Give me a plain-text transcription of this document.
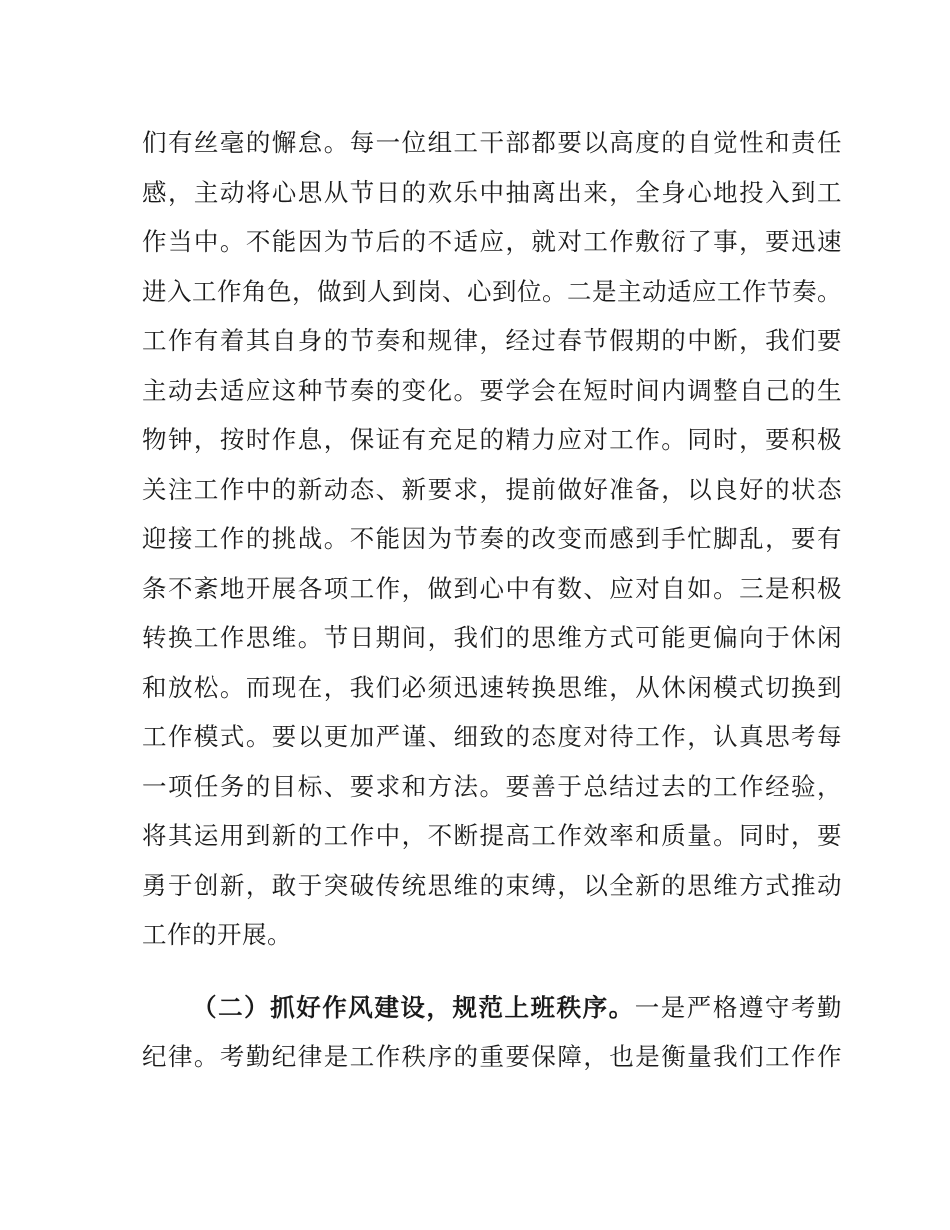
们有丝毫的懈怠。每一位组工干部都要以高度的自觉性和责任
感，主动将心思从节日的欢乐中抽离出来，全身心地投入到工
作当中。不能因为节后的不适应，就对工作敷衍了事，要迅速
进入工作角色，做到人到岗、心到位。二是主动适应工作节奏。
工作有着其自身的节奏和规律，经过春节假期的中断，我们要
主动去适应这种节奏的变化。要学会在短时间内调整自己的生
物钟，按时作息，保证有充足的精力应对工作。同时，要积极
关注工作中的新动态、新要求，提前做好准备，以良好的状态
迎接工作的挑战。不能因为节奏的改变而感到手忙脚乱，要有
条不紊地开展各项工作，做到心中有数、应对自如。三是积极
转换工作思维。节日期间，我们的思维方式可能更偏向于休闲
和放松。而现在，我们必须迅速转换思维，从休闲模式切换到
工作模式。要以更加严谨、细致的态度对待工作，认真思考每
一项任务的目标、要求和方法。要善于总结过去的工作经验，
将其运用到新的工作中，不断提高工作效率和质量。同时，要
勇于创新，敢于突破传统思维的束缚，以全新的思维方式推动
工作的开展。
（二）抓好作风建设，规范上班秩序。一是严格遵守考勤
纪律。考勤纪律是工作秩序的重要保障，也是衡量我们工作作
